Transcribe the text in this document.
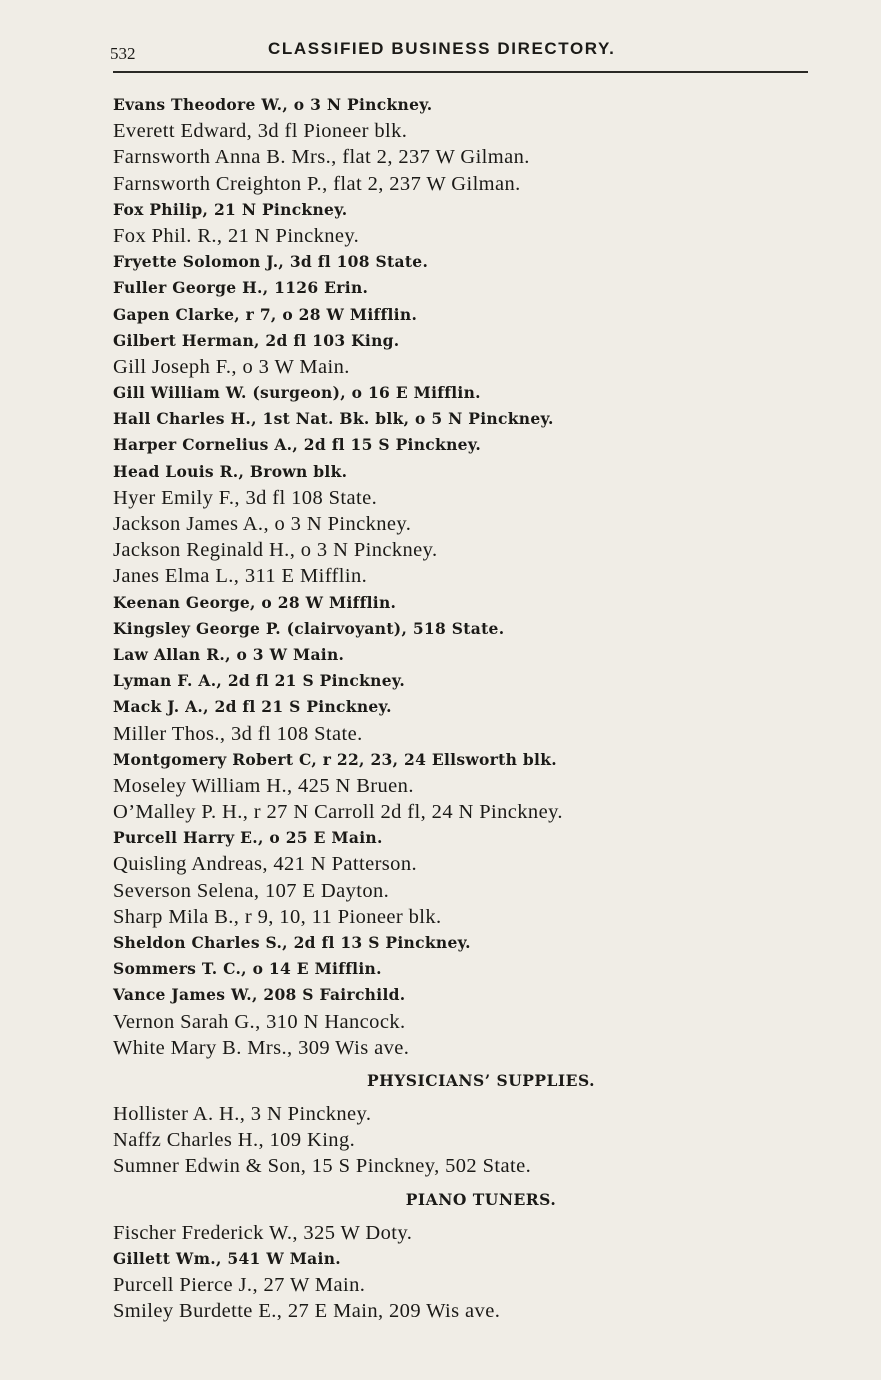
532	CLASSIFIED BUSINESS DIRECTORY.
Evans Theodore W., o 3 N Pinckney.
Everett Edward, 3d fl Pioneer blk.
Farnsworth Anna B. Mrs., flat 2, 237 W Gilman.
Farnsworth Creighton P., flat 2, 237 W Gilman.
Fox Philip, 21 N Pinckney.
Fox Phil. R., 21 N Pinckney.
Fryette Solomon J., 3d fl 108 State.
Fuller George H., 1126 Erin.
Gapen Clarke, r 7, o 28 W Mifflin.
Gilbert Herman, 2d fl 103 King.
Gill Joseph F., o 3 W Main.
Gill William W. (surgeon), o 16 E Mifflin.
Hall Charles H., 1st Nat. Bk. blk, o 5 N Pinckney.
Harper Cornelius A., 2d fl 15 S Pinckney.
Head Louis R., Brown blk.
Hyer Emily F., 3d fl 108 State.
Jackson James A., o 3 N Pinckney.
Jackson Reginald H., o 3 N Pinckney.
Janes Elma L., 311 E Mifflin.
Keenan George, o 28 W Mifflin.
Kingsley George P. (clairvoyant), 518 State.
Law Allan R., o 3 W Main.
Lyman F. A., 2d fl 21 S Pinckney.
Mack J. A., 2d fl 21 S Pinckney.
Miller Thos., 3d fl 108 State.
Montgomery Robert C, r 22, 23, 24 Ellsworth blk.
Moseley William H., 425 N Bruen.
O’Malley P. H., r 27 N Carroll 2d fl, 24 N Pinckney.
Purcell Harry E., o 25 E Main.
Quisling Andreas, 421 N Patterson.
Severson Selena, 107 E Dayton.
Sharp Mila B., r 9, 10, 11 Pioneer blk.
Sheldon Charles S., 2d fl 13 S Pinckney.
Sommers T. C., o 14 E Mifflin.
Vance James W., 208 S Fairchild.
Vernon Sarah G., 310 N Hancock.
White Mary B. Mrs., 309 Wis ave.
PHYSICIANS’ SUPPLIES.
Hollister A. H., 3 N Pinckney.
Naffz Charles H., 109 King.
Sumner Edwin & Son, 15 S Pinckney, 502 State.
PIANO TUNERS.
Fischer Frederick W., 325 W Doty.
Gillett Wm., 541 W Main.
Purcell Pierce J., 27 W Main.
Smiley Burdette E., 27 E Main, 209 Wis ave.
